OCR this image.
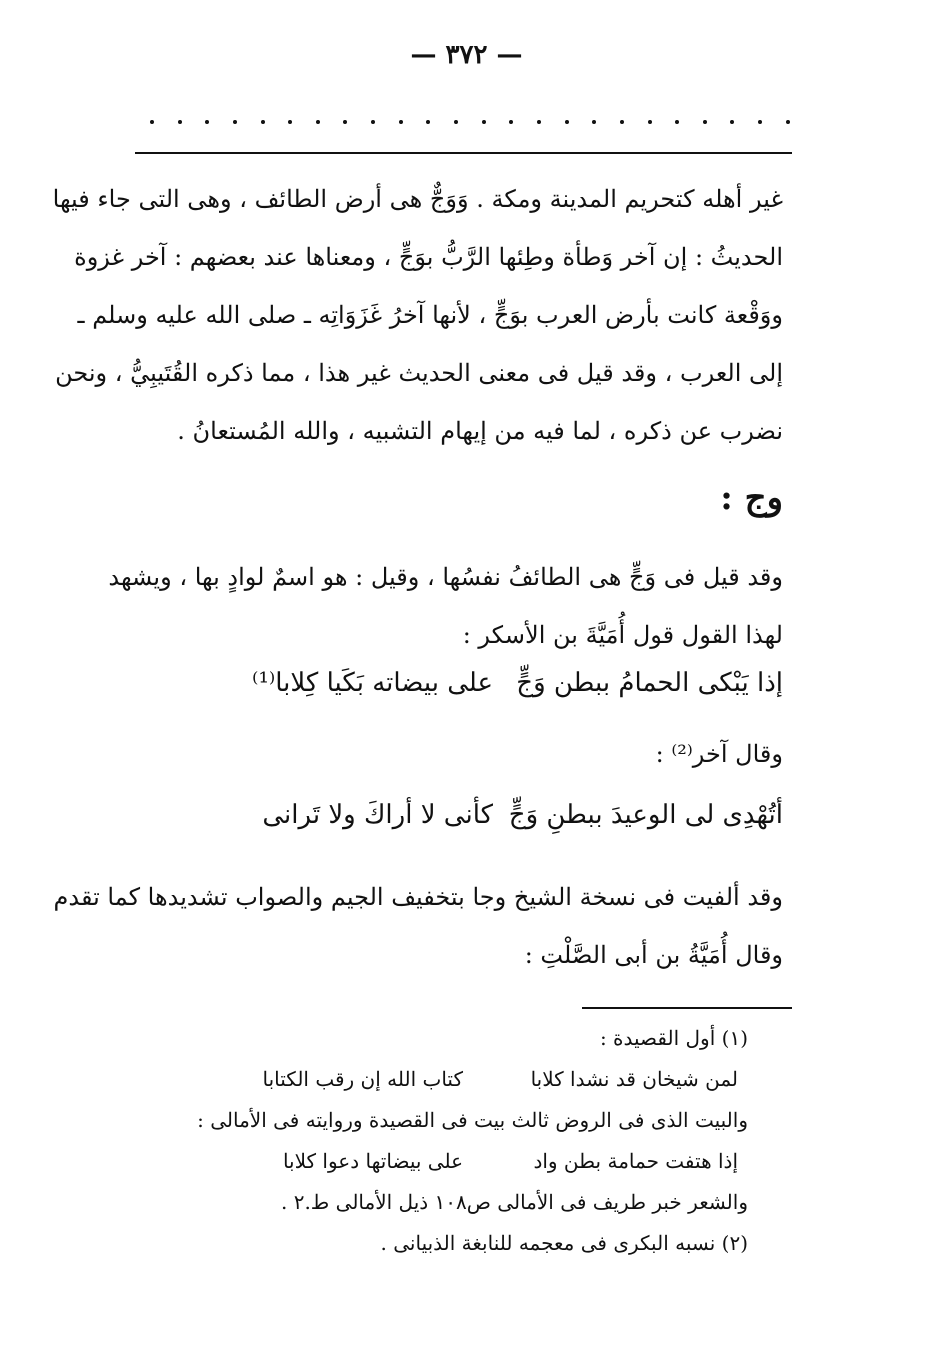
— ٣٧٢ —
غير أهله كتحريم المدينة ومكة . وَوَجٌّ هى أرض الطائف ، وهى التى جاء فيها
الحديثُ : إن آخر وَطأة وطِئها الرَّبُّ بوَجٍّ ، ومعناها عند بعضهم : آخر غزوة
ووَقْعة كانت بأرض العرب بوَجٍّ ، لأنها آخرُ غَزَوَاتِه ـ صلى الله عليه وسلم ـ
إلى العرب ، وقد قيل فى معنى الحديث غير هذا ، مما ذكره القُتَيبِيُّ ، ونحن
نضرب عن ذكره ، لما فيه من إيهام التشبيه ، والله المُستعانُ .
وج :
وقد قيل فى وَجٍّ هى الطائفُ نفسُها ، وقيل : هو اسمٌ لوادٍ بها ، ويشهد
لهذا القول قول أُمَيَّةَ بن الأسكر :
إذا يَبْكى الحمامُ ببطن وَجٍّ
على بيضاته بَكَيا كِلابا⁽¹⁾
وقال آخر⁽²⁾ :
أتُهْدِى لى الوعيدَ ببطنِ وَجٍّ
كأنى لا أراكَ ولا تَرانى
وقد ألفيت فى نسخة الشيخ وجا بتخفيف الجيم والصواب تشديدها كما تقدم
وقال أُمَيَّةُ بن أبى الصَّلْتِ :
(١) أول القصيدة :
لمن شيخان قد نشدا كلابا
كتاب الله إن رقب الكتابا
والبيت الذى فى الروض ثالث بيت فى القصيدة وروايته فى الأمالى :
إذا هتفت حمامة بطن واد
على بيضاتها دعوا كلابا
والشعر خبر طريف فى الأمالى ص١٠٨ ذيل الأمالى ط.٢ .
(٢) نسبه البكرى فى معجمه للنابغة الذبيانى .
